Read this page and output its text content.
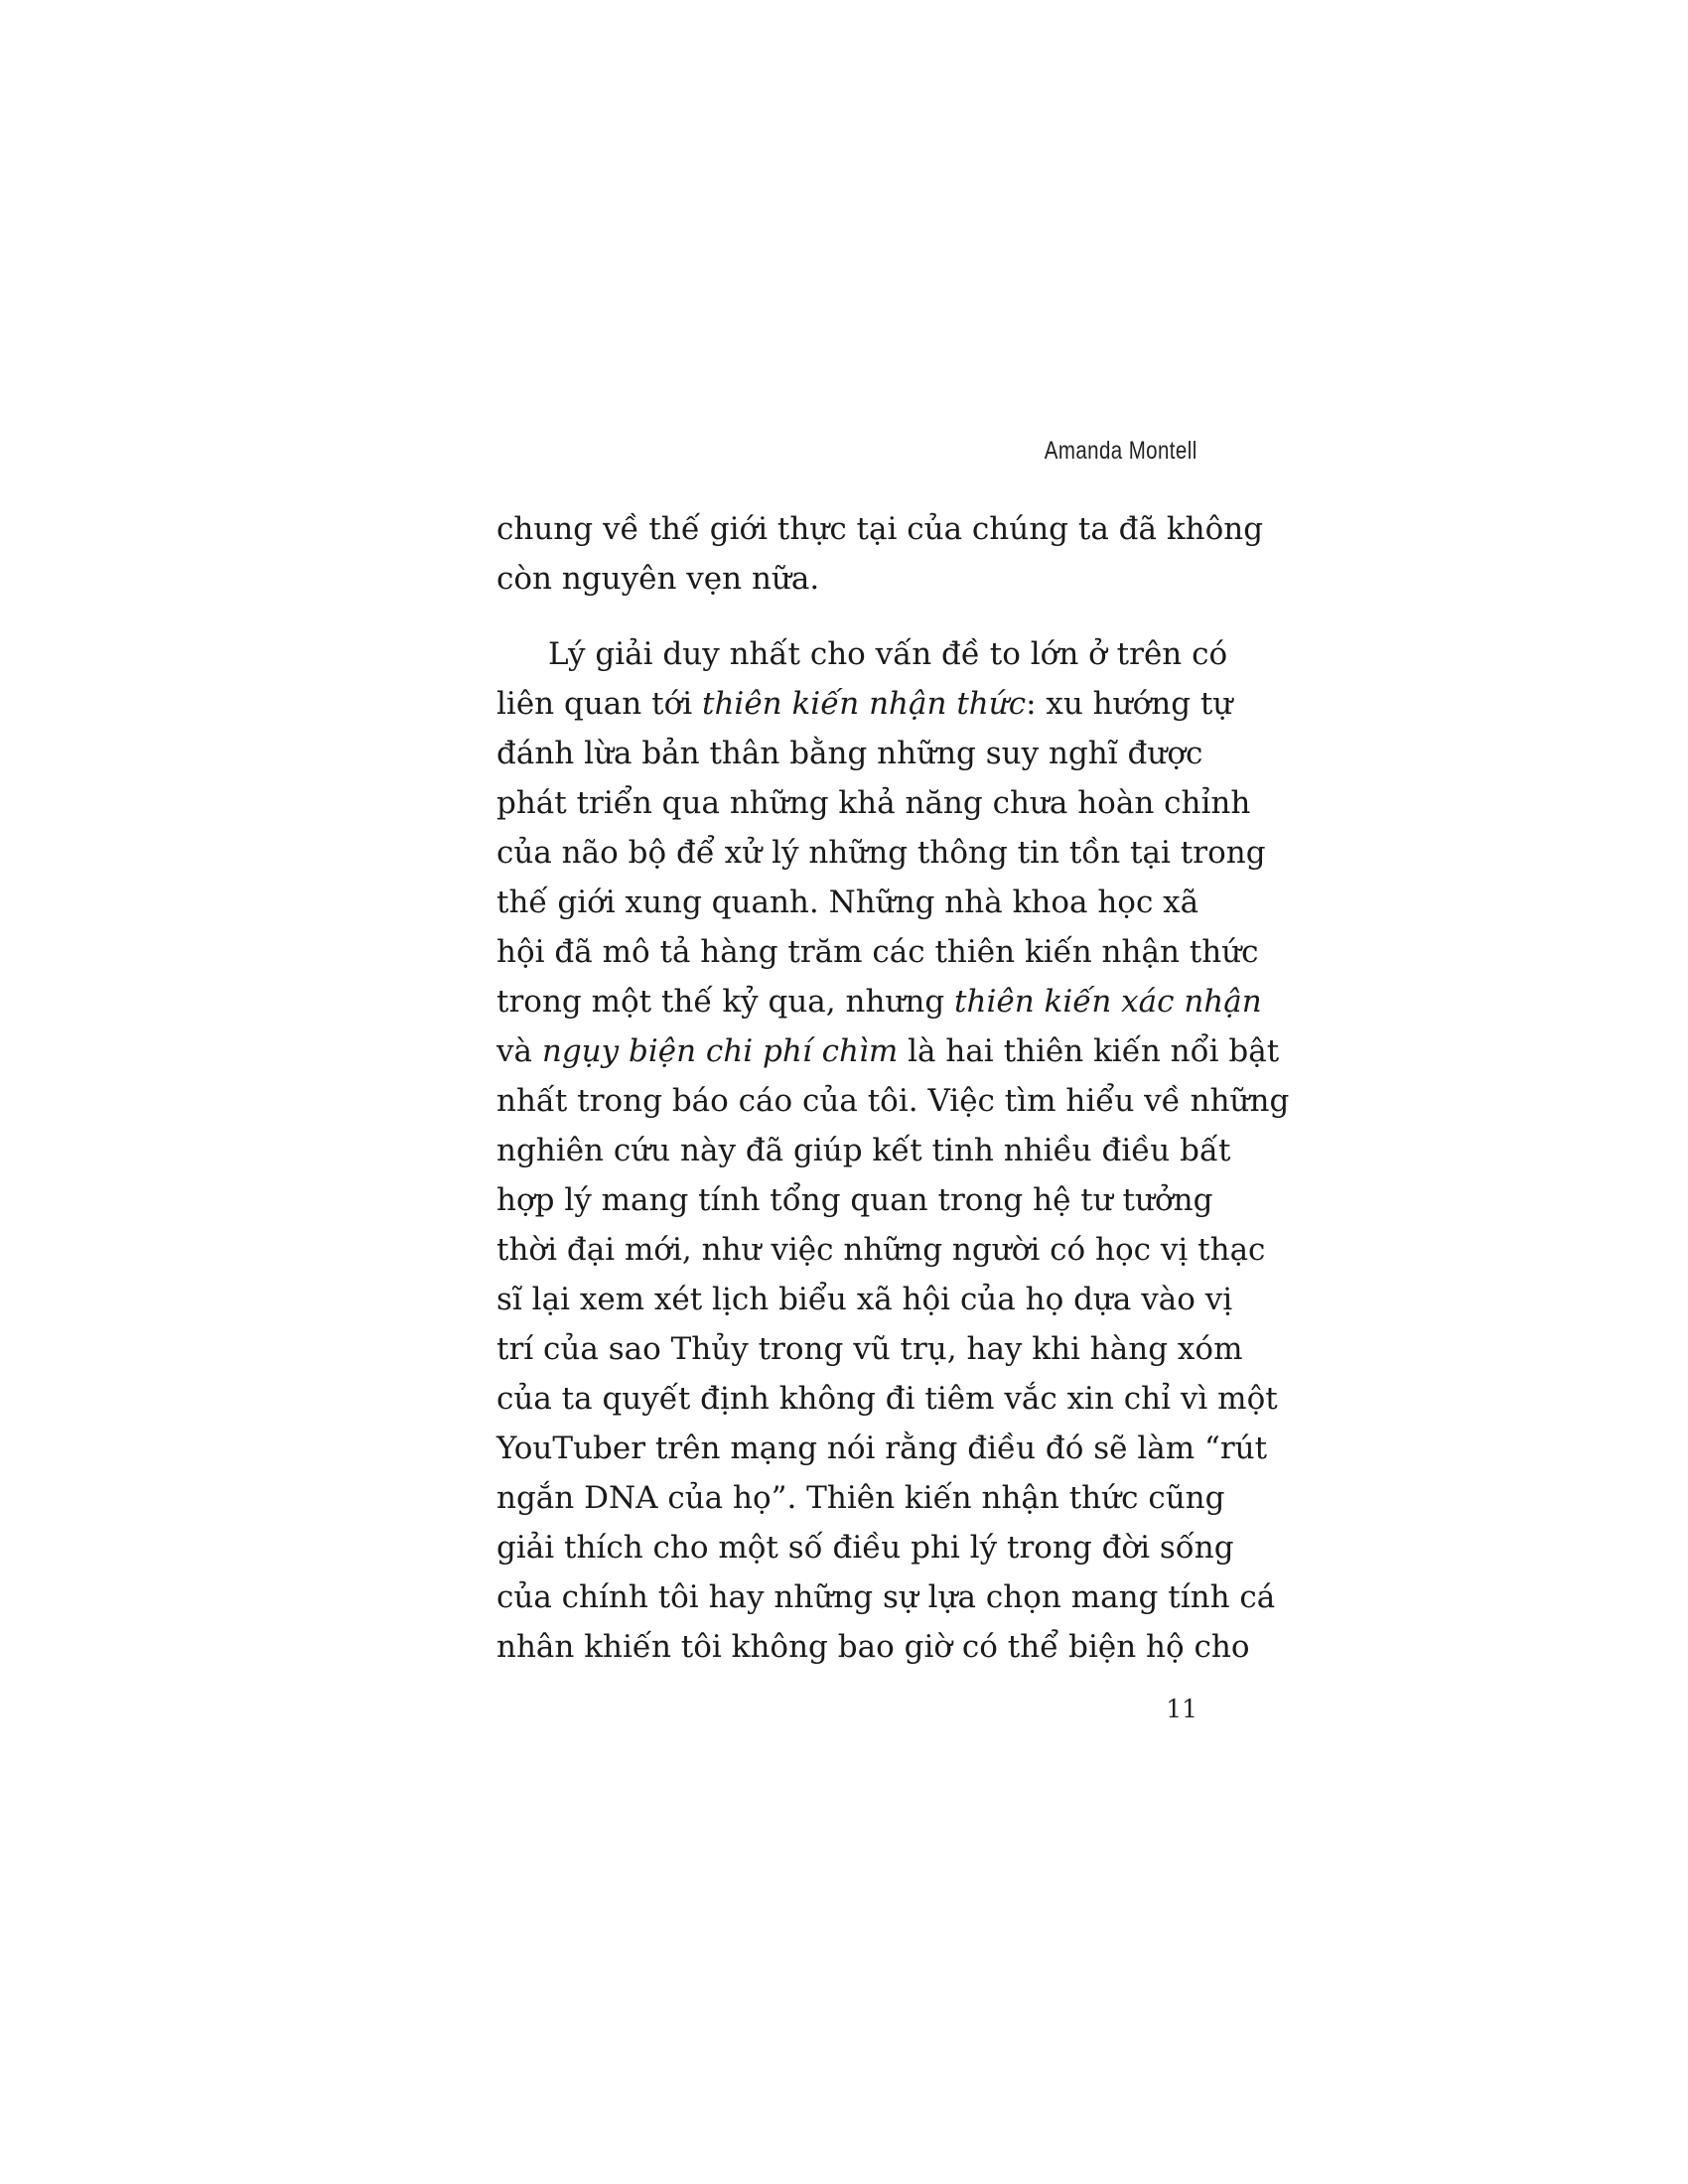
Amanda Montell
chung về thế giới thực tại của chúng ta đã không
còn nguyên vẹn nữa.
Lý giải duy nhất cho vấn đề to lớn ở trên có
liên quan tới thiên kiến nhận thức: xu hướng tự
đánh lừa bản thân bằng những suy nghĩ được
phát triển qua những khả năng chưa hoàn chỉnh
của não bộ để xử lý những thông tin tồn tại trong
thế giới xung quanh. Những nhà khoa học xã
hội đã mô tả hàng trăm các thiên kiến nhận thức
trong một thế kỷ qua, nhưng thiên kiến xác nhận
và ngụy biện chi phí chìm là hai thiên kiến nổi bật
nhất trong báo cáo của tôi. Việc tìm hiểu về những
nghiên cứu này đã giúp kết tinh nhiều điều bất
hợp lý mang tính tổng quan trong hệ tư tưởng
thời đại mới, như việc những người có học vị thạc
sĩ lại xem xét lịch biểu xã hội của họ dựa vào vị
trí của sao Thủy trong vũ trụ, hay khi hàng xóm
của ta quyết định không đi tiêm vắc xin chỉ vì một
YouTuber trên mạng nói rằng điều đó sẽ làm “rút
ngắn DNA của họ”. Thiên kiến nhận thức cũng
giải thích cho một số điều phi lý trong đời sống
của chính tôi hay những sự lựa chọn mang tính cá
nhân khiến tôi không bao giờ có thể biện hộ cho
11
